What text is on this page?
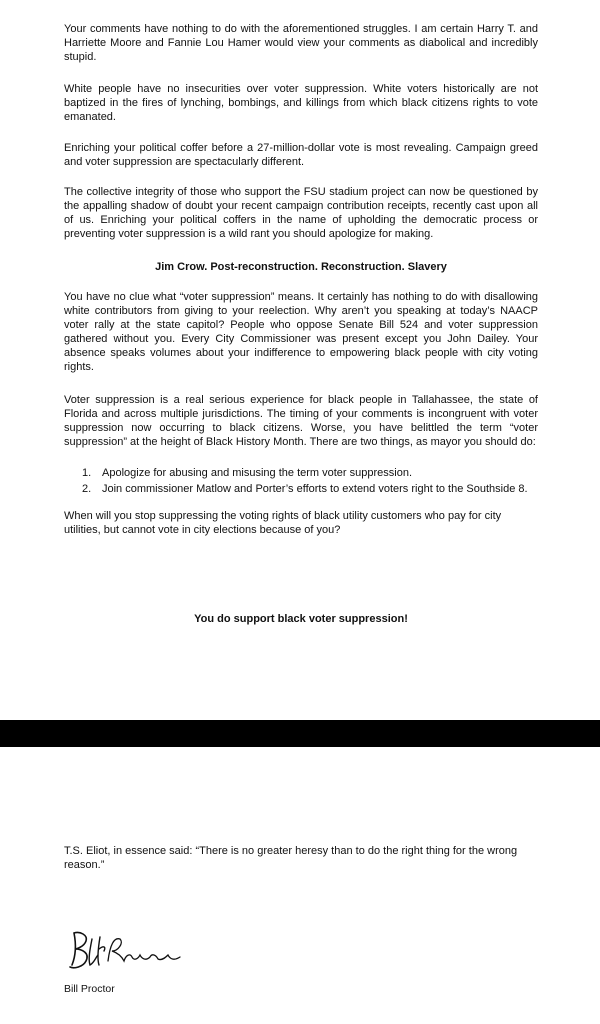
Your comments have nothing to do with the aforementioned struggles. I am certain Harry T. and Harriette Moore and Fannie Lou Hamer would view your comments as diabolical and incredibly stupid.

White people have no insecurities over voter suppression. White voters historically are not baptized in the fires of lynching, bombings, and killings from which black citizens rights to vote emanated.

Enriching your political coffer before a 27-million-dollar vote is most revealing. Campaign greed and voter suppression are spectacularly different.

The collective integrity of those who support the FSU stadium project can now be questioned by the appalling shadow of doubt your recent campaign contribution receipts, recently cast upon all of us. Enriching your political coffers in the name of upholding the democratic process or preventing voter suppression is a wild rant you should apologize for making.

Jim Crow. Post-reconstruction. Reconstruction. Slavery

You have no clue what “voter suppression” means. It certainly has nothing to do with disallowing white contributors from giving to your reelection. Why aren’t you speaking at today’s NAACP voter rally at the state capitol? People who oppose Senate Bill 524 and voter suppression gathered without you. Every City Commissioner was present except you John Dailey. Your absence speaks volumes about your indifference to empowering black people with city voting rights.

Voter suppression is a real serious experience for black people in Tallahassee, the state of Florida and across multiple jurisdictions. The timing of your comments is incongruent with voter suppression now occurring to black citizens. Worse, you have belittled the term “voter suppression” at the height of Black History Month. There are two things, as mayor you should do:

1. Apologize for abusing and misusing the term voter suppression.
2. Join commissioner Matlow and Porter’s efforts to extend voters right to the Southside 8.

When will you stop suppressing the voting rights of black utility customers who pay for city utilities, but cannot vote in city elections because of you?

You do support black voter suppression!

T.S. Eliot, in essence said: “There is no greater heresy than to do the right thing for the wrong reason.”

Bill Proctor
